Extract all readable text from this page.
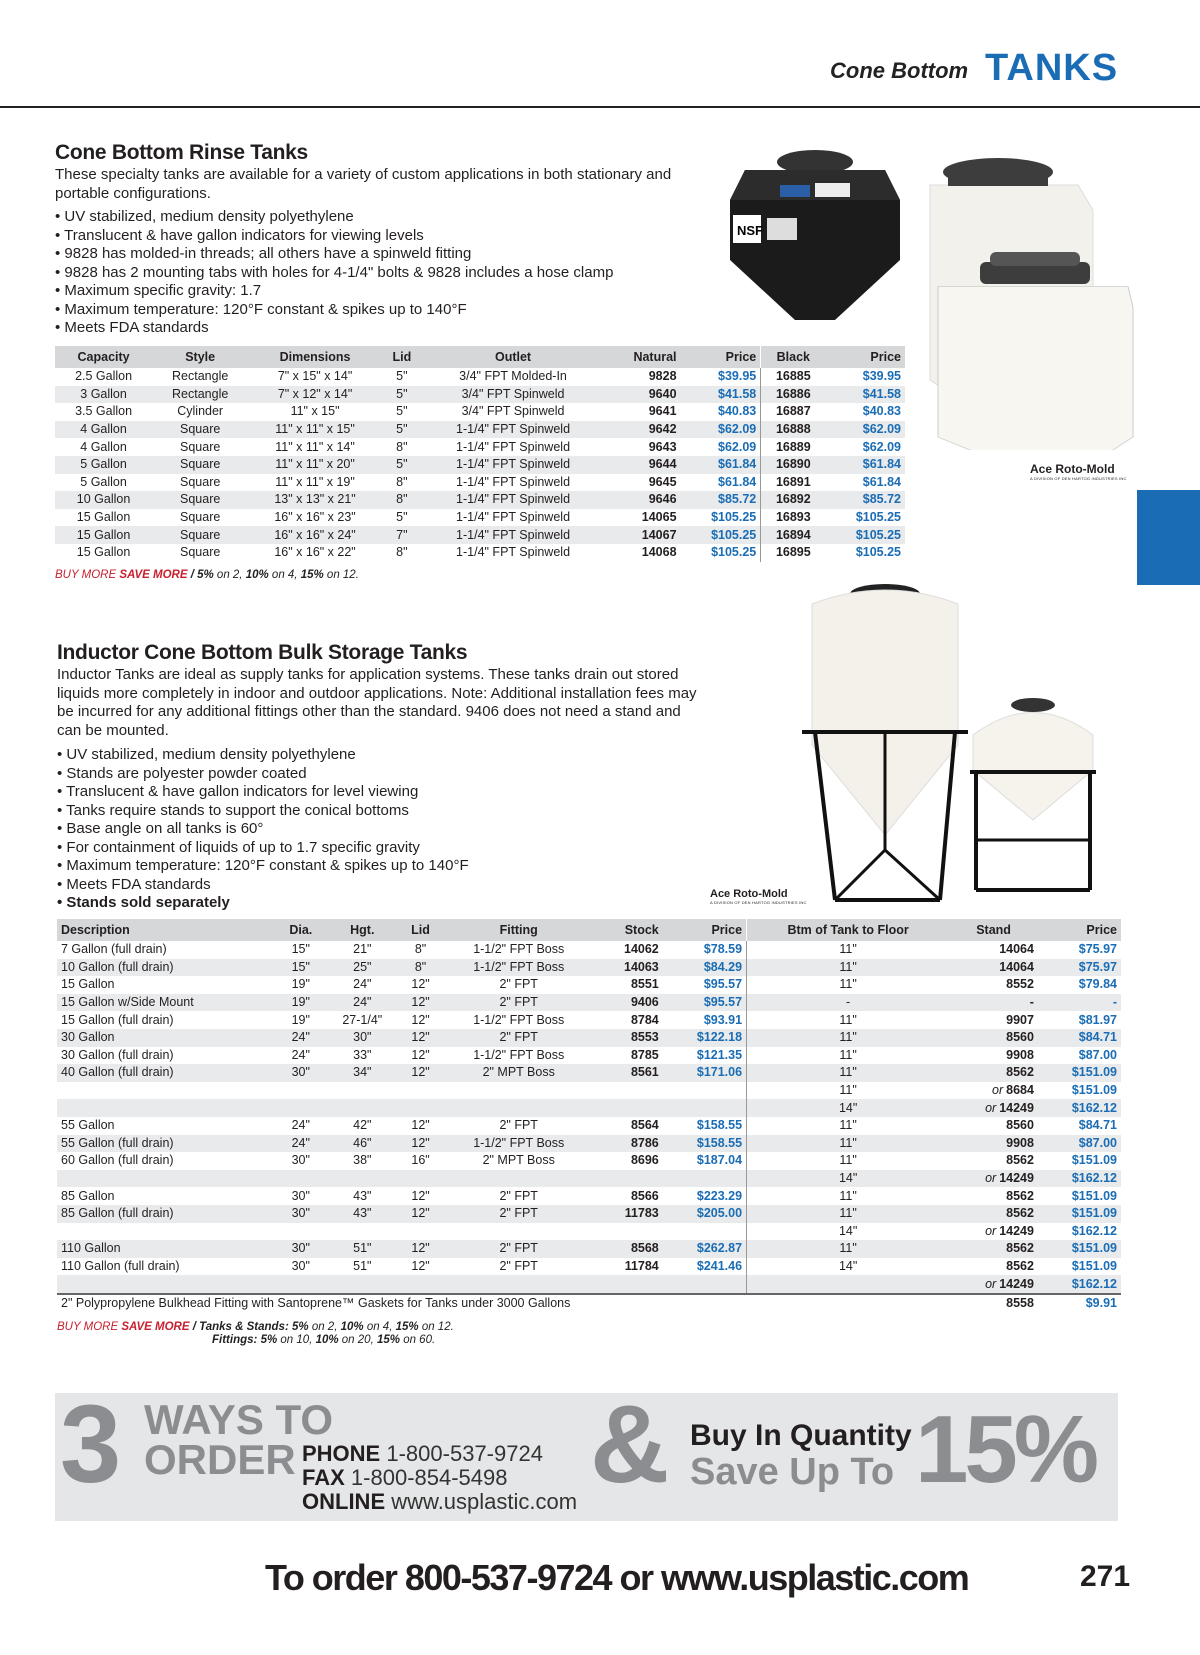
Cone Bottom TANKS
Cone Bottom Rinse Tanks
These specialty tanks are available for a variety of custom applications in both stationary and portable configurations.
• UV stabilized, medium density polyethylene
• Translucent & have gallon indicators for viewing levels
• 9828 has molded-in threads; all others have a spinweld fitting
• 9828 has 2 mounting tabs with holes for 4-1/4" bolts & 9828 includes a hose clamp
• Maximum specific gravity: 1.7
• Maximum temperature: 120°F constant & spikes up to 140°F
• Meets FDA standards
Capacity	Style	Dimensions	Lid	Outlet	Natural	Price	Black	Price
2.5 Gallon	Rectangle	7" x 15" x 14"	5"	3/4" FPT Molded-In	9828	$39.95	16885	$39.95
3 Gallon	Rectangle	7" x 12" x 14"	5"	3/4" FPT Spinweld	9640	$41.58	16886	$41.58
3.5 Gallon	Cylinder	11" x 15"	5"	3/4" FPT Spinweld	9641	$40.83	16887	$40.83
4 Gallon	Square	11" x 11" x 15"	5"	1-1/4" FPT Spinweld	9642	$62.09	16888	$62.09
4 Gallon	Square	11" x 11" x 14"	8"	1-1/4" FPT Spinweld	9643	$62.09	16889	$62.09
5 Gallon	Square	11" x 11" x 20"	5"	1-1/4" FPT Spinweld	9644	$61.84	16890	$61.84
5 Gallon	Square	11" x 11" x 19"	8"	1-1/4" FPT Spinweld	9645	$61.84	16891	$61.84
10 Gallon	Square	13" x 13" x 21"	8"	1-1/4" FPT Spinweld	9646	$85.72	16892	$85.72
15 Gallon	Square	16" x 16" x 23"	5"	1-1/4" FPT Spinweld	14065	$105.25	16893	$105.25
15 Gallon	Square	16" x 16" x 24"	7"	1-1/4" FPT Spinweld	14067	$105.25	16894	$105.25
15 Gallon	Square	16" x 16" x 22"	8"	1-1/4" FPT Spinweld	14068	$105.25	16895	$105.25
BUY MORE SAVE MORE / 5% on 2, 10% on 4, 15% on 12.
NSF
Ace Roto-Mold
A DIVISION OF DEN HARTOG INDUSTRIES INC
Inductor Cone Bottom Bulk Storage Tanks
Inductor Tanks are ideal as supply tanks for application systems. These tanks drain out stored liquids more completely in indoor and outdoor applications. Note: Additional installation fees may be incurred for any additional fittings other than the standard. 9406 does not need a stand and can be mounted.
• UV stabilized, medium density polyethylene
• Stands are polyester powder coated
• Translucent & have gallon indicators for level viewing
• Tanks require stands to support the conical bottoms
• Base angle on all tanks is 60°
• For containment of liquids of up to 1.7 specific gravity
• Maximum temperature: 120°F constant & spikes up to 140°F
• Meets FDA standards
• Stands sold separately	Ace Roto-Mold
A DIVISION OF DEN HARTOG INDUSTRIES INC
Description	Dia.	Hgt.	Lid	Fitting	Stock	Price	Btm of Tank to Floor	Stand	Price
7 Gallon (full drain)	15"	21"	8"	1-1/2" FPT Boss	14062	$78.59	11"	14064	$75.97
10 Gallon (full drain)	15"	25"	8"	1-1/2" FPT Boss	14063	$84.29	11"	14064	$75.97
15 Gallon	19"	24"	12"	2" FPT	8551	$95.57	11"	8552	$79.84
15 Gallon w/Side Mount	19"	24"	12"	2" FPT	9406	$95.57	-	-	-
15 Gallon (full drain)	19"	27-1/4"	12"	1-1/2" FPT Boss	8784	$93.91	11"	9907	$81.97
30 Gallon	24"	30"	12"	2" FPT	8553	$122.18	11"	8560	$84.71
30 Gallon (full drain)	24"	33"	12"	1-1/2" FPT Boss	8785	$121.35	11"	9908	$87.00
40 Gallon (full drain)	30"	34"	12"	2" MPT Boss	8561	$171.06	11"	8562	$151.09
							11"	or 8684	$151.09
							14"	or 14249	$162.12
55 Gallon	24"	42"	12"	2" FPT	8564	$158.55	11"	8560	$84.71
55 Gallon (full drain)	24"	46"	12"	1-1/2" FPT Boss	8786	$158.55	11"	9908	$87.00
60 Gallon (full drain)	30"	38"	16"	2" MPT Boss	8696	$187.04	11"	8562	$151.09
							14"	or 14249	$162.12
85 Gallon	30"	43"	12"	2" FPT	8566	$223.29	11"	8562	$151.09
85 Gallon (full drain)	30"	43"	12"	2" FPT	11783	$205.00	11"	8562	$151.09
							14"	or 14249	$162.12
110 Gallon	30"	51"	12"	2" FPT	8568	$262.87	11"	8562	$151.09
110 Gallon (full drain)	30"	51"	12"	2" FPT	11784	$241.46	14"	8562	$151.09
								or 14249	$162.12
2" Polypropylene Bulkhead Fitting with Santoprene™ Gaskets for Tanks under 3000 Gallons								8558	$9.91
BUY MORE SAVE MORE / Tanks & Stands: 5% on 2, 10% on 4, 15% on 12.
Fittings: 5% on 10, 10% on 20, 15% on 60.
3 WAYS TO
ORDER PHONE 1-800-537-9724
FAX 1-800-854-5498
ONLINE www.usplastic.com & Buy In Quantity
Save Up To 15%
To order 800-537-9724 or www.usplastic.com	271
